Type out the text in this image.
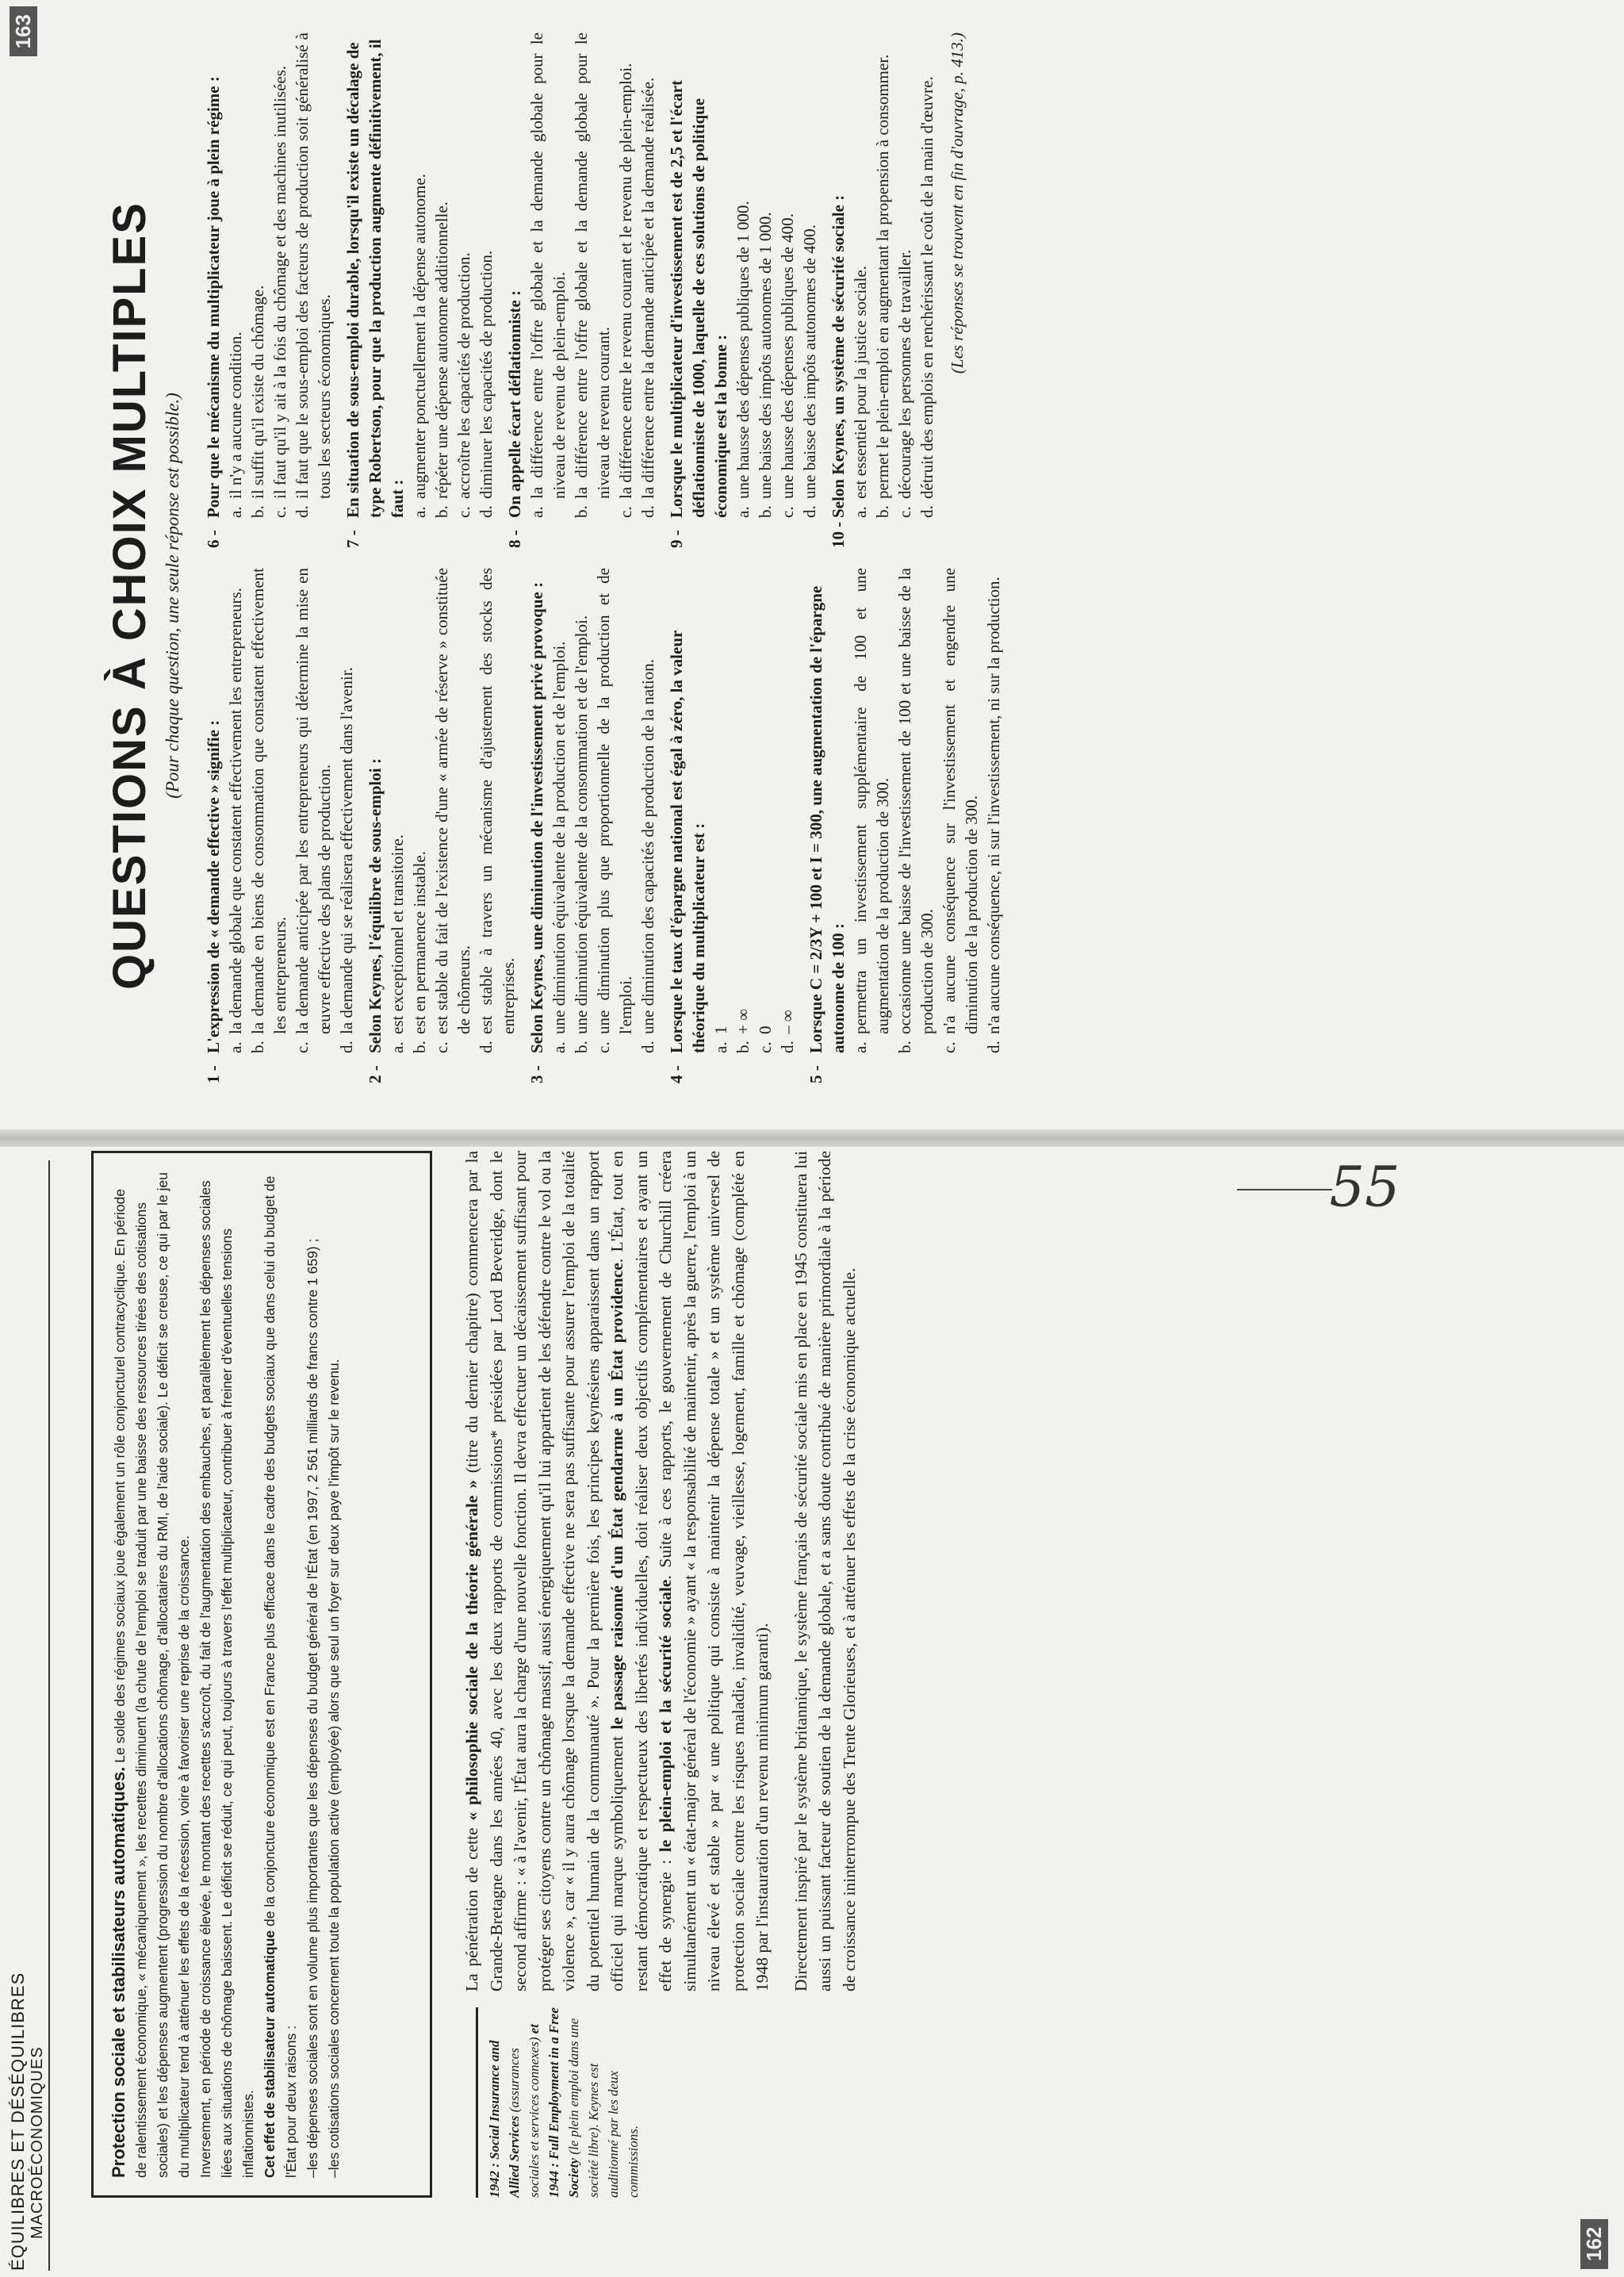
ÉQUILIBRES ET DÉSÉQUILIBRES MACROÉCONOMIQUES	Protection sociale et stabilisateurs automatiques. Le solde des régimes sociaux joue également un rôle conjoncturel contracyclique. En période de ralentissement économique, « mécaniquement », les recettes diminuent (la chute de l'emploi se traduit par une baisse des ressources tirées des cotisations sociales) et les dépenses augmentent (progression du nombre d'allocations chômage, d'allocataires du RMI, de l'aide sociale). Le déficit se creuse, ce qui par le jeu du multiplicateur tend à atténuer les effets de la récession, voire à favoriser une reprise de la croissance. Inversement, en période de croissance élevée, le montant des recettes s'accroît, du fait de l'augmentation des embauches, et parallèlement les dépenses sociales liées aux situations de chômage baissent. Le déficit se réduit, ce qui peut, toujours à travers l'effet multiplicateur, contribuer à freiner d'éventuelles tensions inflationnistes. Cet effet de stabilisateur automatique de la conjoncture économique est en France plus efficace dans le cadre des budgets sociaux que dans celui du budget de l'État pour deux raisons : –les dépenses sociales sont en volume plus importantes que les dépenses du budget général de l'État (en 1997, 2 561 milliards de francs contre 1 659) ; –les cotisations sociales concernent toute la population active (employée) alors que seul un foyer sur deux paye l'impôt sur le revenu.	1942 : Social Insurance and Allied Services (assurances sociales et services connexes) et 1944 : Full Employment in a Free Society (le plein emploi dans une société libre). Keynes est auditionné par les deux commissions.

La pénétration de cette « philosophie sociale de la théorie générale » (titre du dernier chapitre) commencera par la Grande-Bretagne dans les années 40, avec les deux rapports de commissions* présidées par Lord Beveridge, dont le second affirme : « à l'avenir, l'État aura la charge d'une nouvelle fonction. Il devra effectuer un décaissement suffisant pour protéger ses citoyens contre un chômage massif, aussi énergiquement qu'il lui appartient de les défendre contre le vol ou la violence », car « il y aura chômage lorsque la demande effective ne sera pas suffisante pour assurer l'emploi de la totalité du potentiel humain de la communauté ». Pour la première fois, les principes keynésiens apparaissent dans un rapport officiel qui marque symboliquement le passage raisonné d'un État gendarme à un État providence. L'État, tout en restant démocratique et respectueux des libertés individuelles, doit réaliser deux objectifs complémentaires et ayant un effet de synergie : le plein-emploi et la sécurité sociale. Suite à ces rapports, le gouvernement de Churchill créera simultanément un « état-major général de l'économie » ayant « la responsabilité de maintenir, après la guerre, l'emploi à un niveau élevé et stable » par « une politique qui consiste à maintenir la dépense totale » et un système universel de protection sociale contre les risques maladie, invalidité, veuvage, vieillesse, logement, famille et chômage (complété en 1948 par l'instauration d'un revenu minimum garanti). Directement inspiré par le système britannique, le système français de sécurité sociale mis en place en 1945 constituera lui aussi un puissant facteur de soutien de la demande globale, et a sans doute contribué de manière primordiale à la période de croissance ininterrompue des Trente Glorieuses, et à atténuer les effets de la crise économique actuelle.

55
162
QUESTIONS À CHOIX MULTIPLES (Pour chaque question, une seule réponse est possible.)
1 -L'expression de « demande effective » signifie : a.la demande globale que constatent effectivement les entrepreneurs.
b.la demande en biens de consommation que constatent effectivement les entrepreneurs.
c.la demande anticipée par les entrepreneurs qui détermine la mise en œuvre effective des plans de production.
d.la demande qui se réalisera effectivement dans l'avenir.
2 -Selon Keynes, l'équilibre de sous-emploi : a.est exceptionnel et transitoire.
b.est en permanence instable.
c.est stable du fait de l'existence d'une « armée de réserve » constituée de chômeurs.
d.est stable à travers un mécanisme d'ajustement des stocks des entreprises.
3 -Selon Keynes, une diminution de l'investissement privé provoque : a.une diminution équivalente de la production et de l'emploi.
b.une diminution équivalente de la consommation et de l'emploi.
c.une diminution plus que proportionnelle de la production et de l'emploi.
d.une diminution des capacités de production de la nation.
4 -Lorsque le taux d'épargne national est égal à zéro, la valeur théorique du multiplicateur est : a.1
b.+ ∞
c.0
d.– ∞
5 -Lorsque C = 2/3Y + 100 et I = 300, une augmentation de l'épargne autonome de 100 : a.permettra un investissement supplémentaire de 100 et une augmentation de la production de 300.
b.occasionne une baisse de l'investissement de 100 et une baisse de la production de 300.
c.n'a aucune conséquence sur l'investissement et engendre une diminution de la production de 300.
d.n'a aucune conséquence, ni sur l'investissement, ni sur la production.
6 -Pour que le mécanisme du multiplicateur joue à plein régime : a.il n'y a aucune condition.
b.il suffit qu'il existe du chômage.
c.il faut qu'il y ait à la fois du chômage et des machines inutilisées.
d.il faut que le sous-emploi des facteurs de production soit généralisé à tous les secteurs économiques.
7 -En situation de sous-emploi durable, lorsqu'il existe un décalage de type Robertson, pour que la production augmente définitivement, il faut : a.augmenter ponctuellement la dépense autonome.
b.répéter une dépense autonome additionnelle.
c.accroître les capacités de production.
d.diminuer les capacités de production.
8 -On appelle écart déflationniste : a.la différence entre l'offre globale et la demande globale pour le niveau de revenu de plein-emploi.
b.la différence entre l'offre globale et la demande globale pour le niveau de revenu courant.
c.la différence entre le revenu courant et le revenu de plein-emploi.
d.la différence entre la demande anticipée et la demande réalisée.
9 -Lorsque le multiplicateur d'investissement est de 2,5 et l'écart déflationniste de 1000, laquelle de ces solutions de politique économique est la bonne : a.une hausse des dépenses publiques de 1 000.
b.une baisse des impôts autonomes de 1 000.
c.une hausse des dépenses publiques de 400.
d.une baisse des impôts autonomes de 400.
10 -Selon Keynes, un système de sécurité sociale : a.est essentiel pour la justice sociale.
b.permet le plein-emploi en augmentant la propension à consommer.
c.décourage les personnes de travailler.
d.détruit des emplois en renchérissant le coût de la main d'œuvre. (Les réponses se trouvent en fin d'ouvrage, p. 413.)
163
